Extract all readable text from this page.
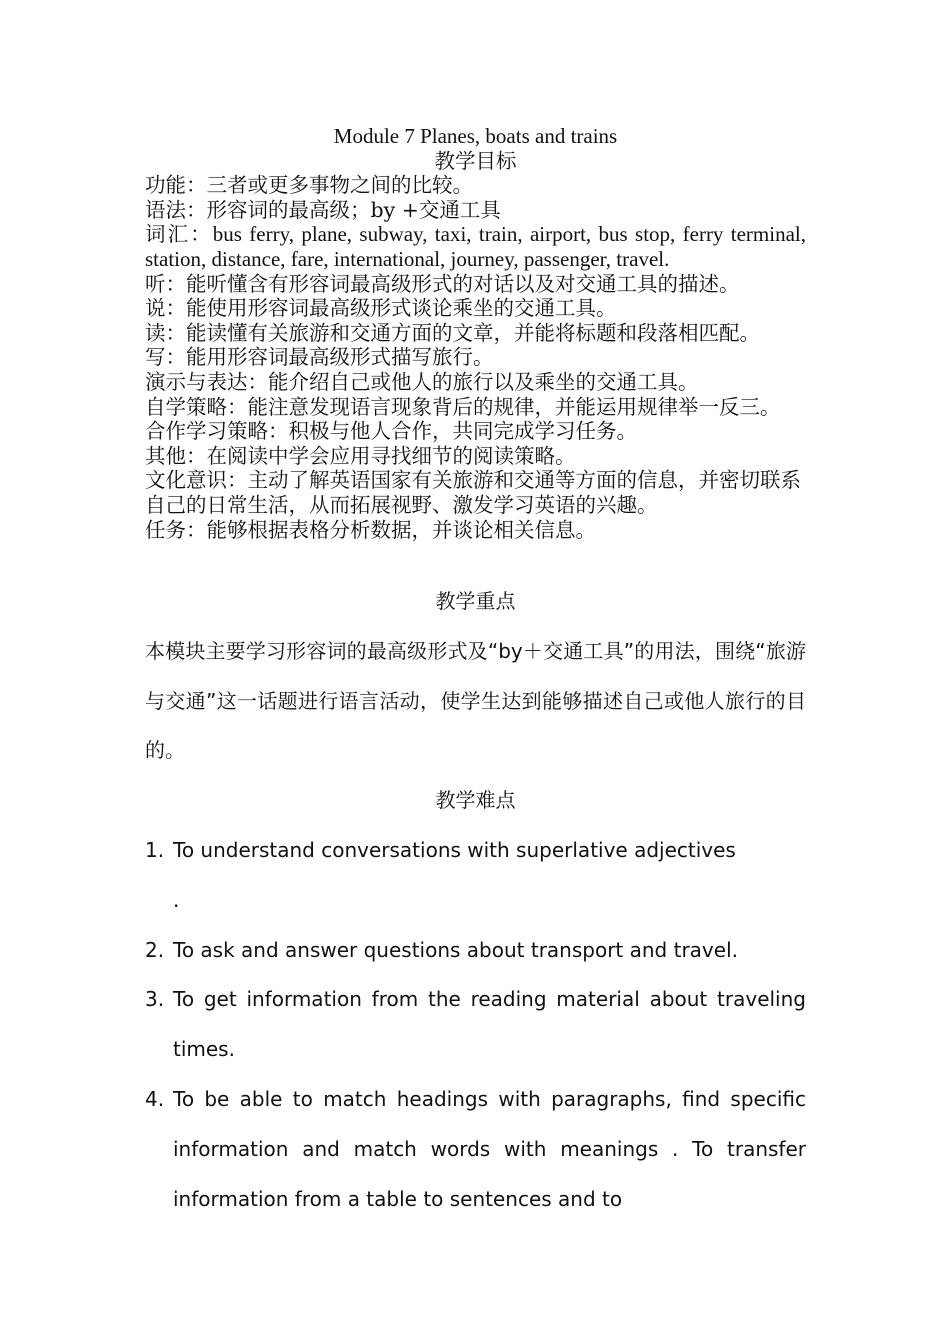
Module 7 Planes, boats and trains

教学目标

功能：三者或更多事物之间的比较。

语法：形容词的最高级；by +交通工具

词汇：bus ferry, plane, subway, taxi, train, airport, bus stop, ferry terminal, station, distance, fare, international, journey, passenger, travel.

听：能听懂含有形容词最高级形式的对话以及对交通工具的描述。

说：能使用形容词最高级形式谈论乘坐的交通工具。

读：能读懂有关旅游和交通方面的文章，并能将标题和段落相匹配。

写：能用形容词最高级形式描写旅行。

演示与表达：能介绍自己或他人的旅行以及乘坐的交通工具。

自学策略：能注意发现语言现象背后的规律，并能运用规律举一反三。

合作学习策略：积极与他人合作，共同完成学习任务。

其他：在阅读中学会应用寻找细节的阅读策略。

文化意识：主动了解英语国家有关旅游和交通等方面的信息，并密切联系自己的日常生活，从而拓展视野、激发学习英语的兴趣。

任务：能够根据表格分析数据，并谈论相关信息。

教学重点

本模块主要学习形容词的最高级形式及“by＋交通工具”的用法，围绕“旅游与交通”这一话题进行语言活动，使学生达到能够描述自己或他人旅行的目的。

教学难点

1. To understand conversations with superlative adjectives
.
2. To ask and answer questions about transport and travel.
3. To get information from the reading material about traveling times.
4. To be able to match headings with paragraphs, find specific information and match words with meanings . To transfer information from a table to sentences and to
